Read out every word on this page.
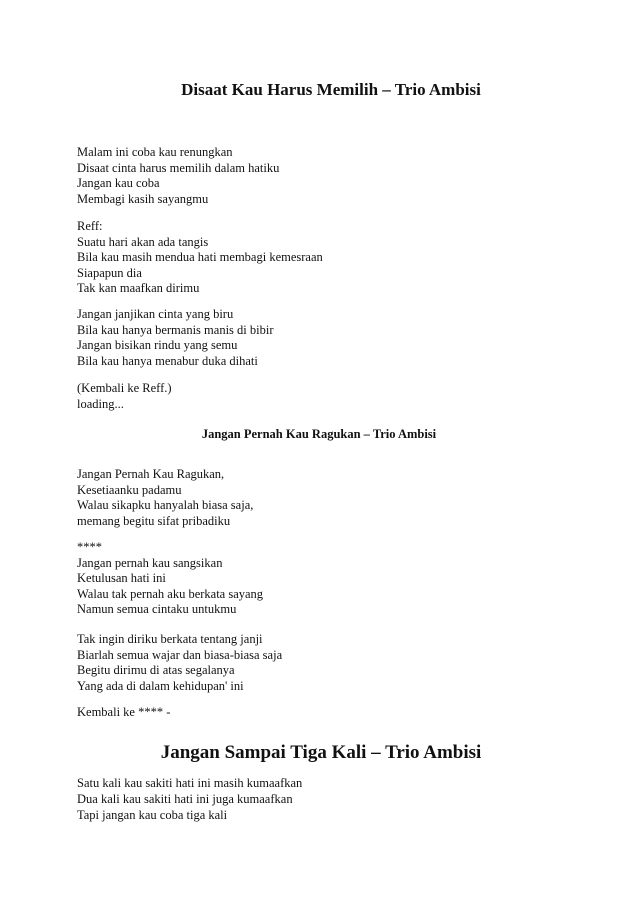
Disaat Kau Harus Memilih – Trio Ambisi
Malam ini coba kau renungkan
Disaat cinta harus memilih dalam hatiku
Jangan kau coba
Membagi kasih sayangmu
Reff:
Suatu hari akan ada tangis
Bila kau masih mendua hati membagi kemesraan
Siapapun dia
Tak kan maafkan dirimu
Jangan janjikan cinta yang biru
Bila kau hanya bermanis manis di bibir
Jangan bisikan rindu yang semu
Bila kau hanya menabur duka dihati
(Kembali ke Reff.)
loading...
Jangan Pernah Kau Ragukan – Trio Ambisi
Jangan Pernah Kau Ragukan,
Kesetiaanku padamu
Walau sikapku hanyalah biasa saja,
memang begitu sifat pribadiku
****
Jangan pernah kau sangsikan
Ketulusan hati ini
Walau tak pernah aku berkata sayang
Namun semua cintaku untukmu
Tak ingin diriku berkata tentang janji
Biarlah semua wajar dan biasa-biasa saja
Begitu dirimu di atas segalanya
Yang ada di dalam kehidupan' ini
Kembali ke **** -
Jangan Sampai Tiga Kali – Trio Ambisi
Satu kali kau sakiti hati ini masih kumaafkan
Dua kali kau sakiti hati ini juga kumaafkan
Tapi jangan kau coba tiga kali
